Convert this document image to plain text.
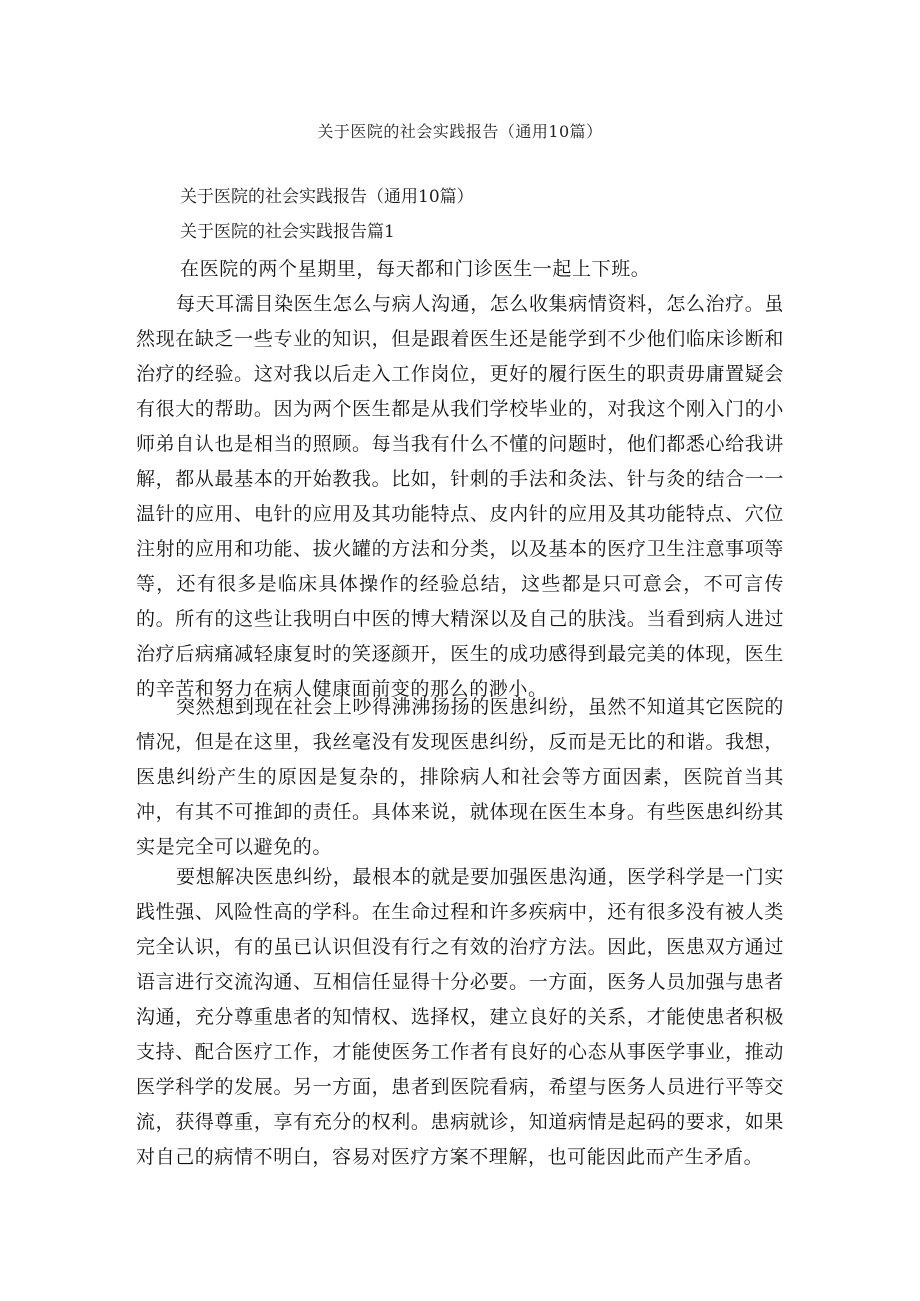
关于医院的社会实践报告（通用10篇）
关于医院的社会实践报告（通用10篇）
关于医院的社会实践报告篇1
在医院的两个星期里，每天都和门诊医生一起上下班。
每天耳濡目染医生怎么与病人沟通，怎么收集病情资料，怎么治疗。虽然现在缺乏一些专业的知识，但是跟着医生还是能学到不少他们临床诊断和治疗的经验。这对我以后走入工作岗位，更好的履行医生的职责毋庸置疑会有很大的帮助。因为两个医生都是从我们学校毕业的，对我这个刚入门的小师弟自认也是相当的照顾。每当我有什么不懂的问题时，他们都悉心给我讲解，都从最基本的开始教我。比如，针刺的手法和灸法、针与灸的结合一一温针的应用、电针的应用及其功能特点、皮内针的应用及其功能特点、穴位注射的应用和功能、拔火罐的方法和分类，以及基本的医疗卫生注意事项等等，还有很多是临床具体操作的经验总结，这些都是只可意会，不可言传的。所有的这些让我明白中医的博大精深以及自己的肤浅。当看到病人进过治疗后病痛减轻康复时的笑逐颜开，医生的成功感得到最完美的体现，医生的辛苦和努力在病人健康面前变的那么的渺小。
突然想到现在社会上吵得沸沸扬扬的医患纠纷，虽然不知道其它医院的情况，但是在这里，我丝毫没有发现医患纠纷，反而是无比的和谐。我想，医患纠纷产生的原因是复杂的，排除病人和社会等方面因素，医院首当其冲，有其不可推卸的责任。具体来说，就体现在医生本身。有些医患纠纷其实是完全可以避免的。
要想解决医患纠纷，最根本的就是要加强医患沟通，医学科学是一门实践性强、风险性高的学科。在生命过程和许多疾病中，还有很多没有被人类完全认识，有的虽已认识但没有行之有效的治疗方法。因此，医患双方通过语言进行交流沟通、互相信任显得十分必要。一方面，医务人员加强与患者沟通，充分尊重患者的知情权、选择权，建立良好的关系，才能使患者积极支持、配合医疗工作，才能使医务工作者有良好的心态从事医学事业，推动医学科学的发展。另一方面，患者到医院看病，希望与医务人员进行平等交流，获得尊重，享有充分的权利。患病就诊，知道病情是起码的要求，如果对自己的病情不明白，容易对医疗方案不理解，也可能因此而产生矛盾。
